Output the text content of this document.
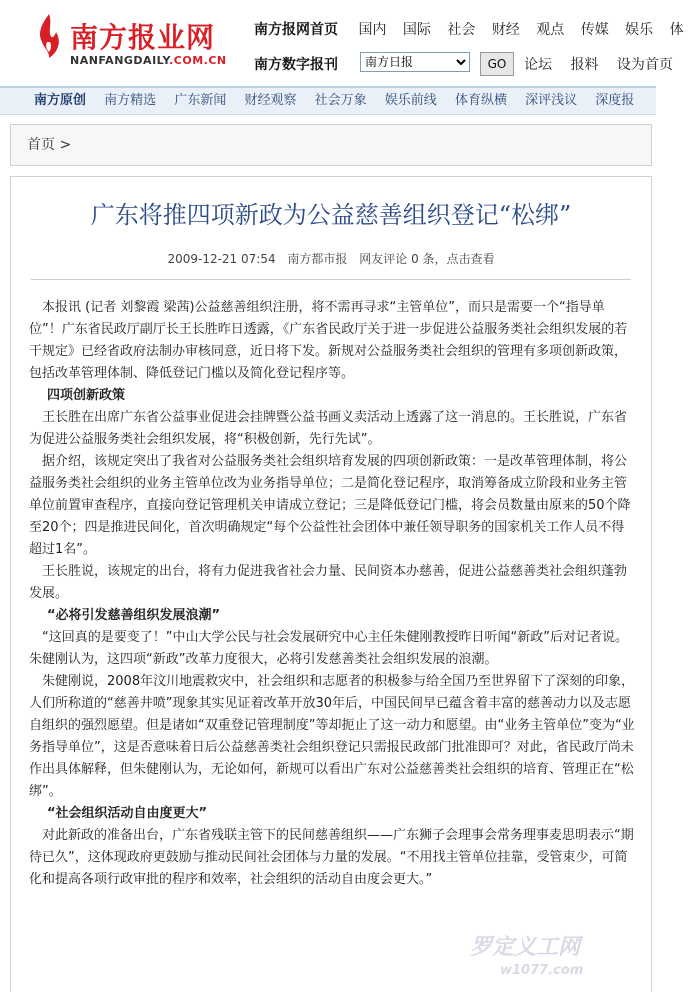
南方报业网
NANFANGDAILY.COM.CN
南方报网首页 国内 国际 社会 财经 观点 传媒 娱乐 体
南方数字报刊
南方日报	GO	论坛 报料 设为首页
南方原创 南方精选 广东新闻 财经观察 社会万象 娱乐前线 体育纵横 深评浅议 深度报
首页 >
广东将推四项新政为公益慈善组织登记“松绑”
2009-12-21 07:54 南方都市报 网友评论 0 条，点击查看

本报讯 (记者 刘黎霞 梁茜)公益慈善组织注册，将不需再寻求“主管单位”，而只是需要一个“指导单位”！广东省民政厅副厅长王长胜昨日透露，《广东省民政厅关于进一步促进公益服务类社会组织发展的若干规定》已经省政府法制办审核同意，近日将下发。新规对公益服务类社会组织的管理有多项创新政策，包括改革管理体制、降低登记门槛以及简化登记程序等。

四项创新政策

王长胜在出席广东省公益事业促进会挂牌暨公益书画义卖活动上透露了这一消息的。王长胜说，广东省为促进公益服务类社会组织发展，将“积极创新，先行先试”。

据介绍，该规定突出了我省对公益服务类社会组织培育发展的四项创新政策：一是改革管理体制，将公益服务类社会组织的业务主管单位改为业务指导单位；二是简化登记程序，取消筹备成立阶段和业务主管单位前置审查程序，直接向登记管理机关申请成立登记；三是降低登记门槛，将会员数量由原来的50个降至20个；四是推进民间化，首次明确规定“每个公益性社会团体中兼任领导职务的国家机关工作人员不得超过1名”。

王长胜说，该规定的出台，将有力促进我省社会力量、民间资本办慈善，促进公益慈善类社会组织蓬勃发展。

“必将引发慈善组织发展浪潮”

“这回真的是要变了！”中山大学公民与社会发展研究中心主任朱健刚教授昨日听闻“新政”后对记者说。朱健刚认为，这四项“新政”改革力度很大，必将引发慈善类社会组织发展的浪潮。

朱健刚说，2008年汶川地震救灾中，社会组织和志愿者的积极参与给全国乃至世界留下了深刻的印象，人们所称道的“慈善井喷”现象其实见证着改革开放30年后，中国民间早已蕴含着丰富的慈善动力以及志愿自组织的强烈愿望。但是诸如“双重登记管理制度”等却扼止了这一动力和愿望。由“业务主管单位”变为“业务指导单位”，这是否意味着日后公益慈善类社会组织登记只需报民政部门批准即可？对此，省民政厅尚未作出具体解释，但朱健刚认为，无论如何，新规可以看出广东对公益慈善类社会组织的培育、管理正在“松绑”。

“社会组织活动自由度更大”

对此新政的准备出台，广东省残联主管下的民间慈善组织——广东狮子会理事会常务理事麦思明表示“期待已久”，这体现政府更鼓励与推动民间社会团体与力量的发展。“不用找主管单位挂靠，受管束少，可简化和提高各项行政审批的程序和效率，社会组织的活动自由度会更大。”

罗定义工网
w1077.com
